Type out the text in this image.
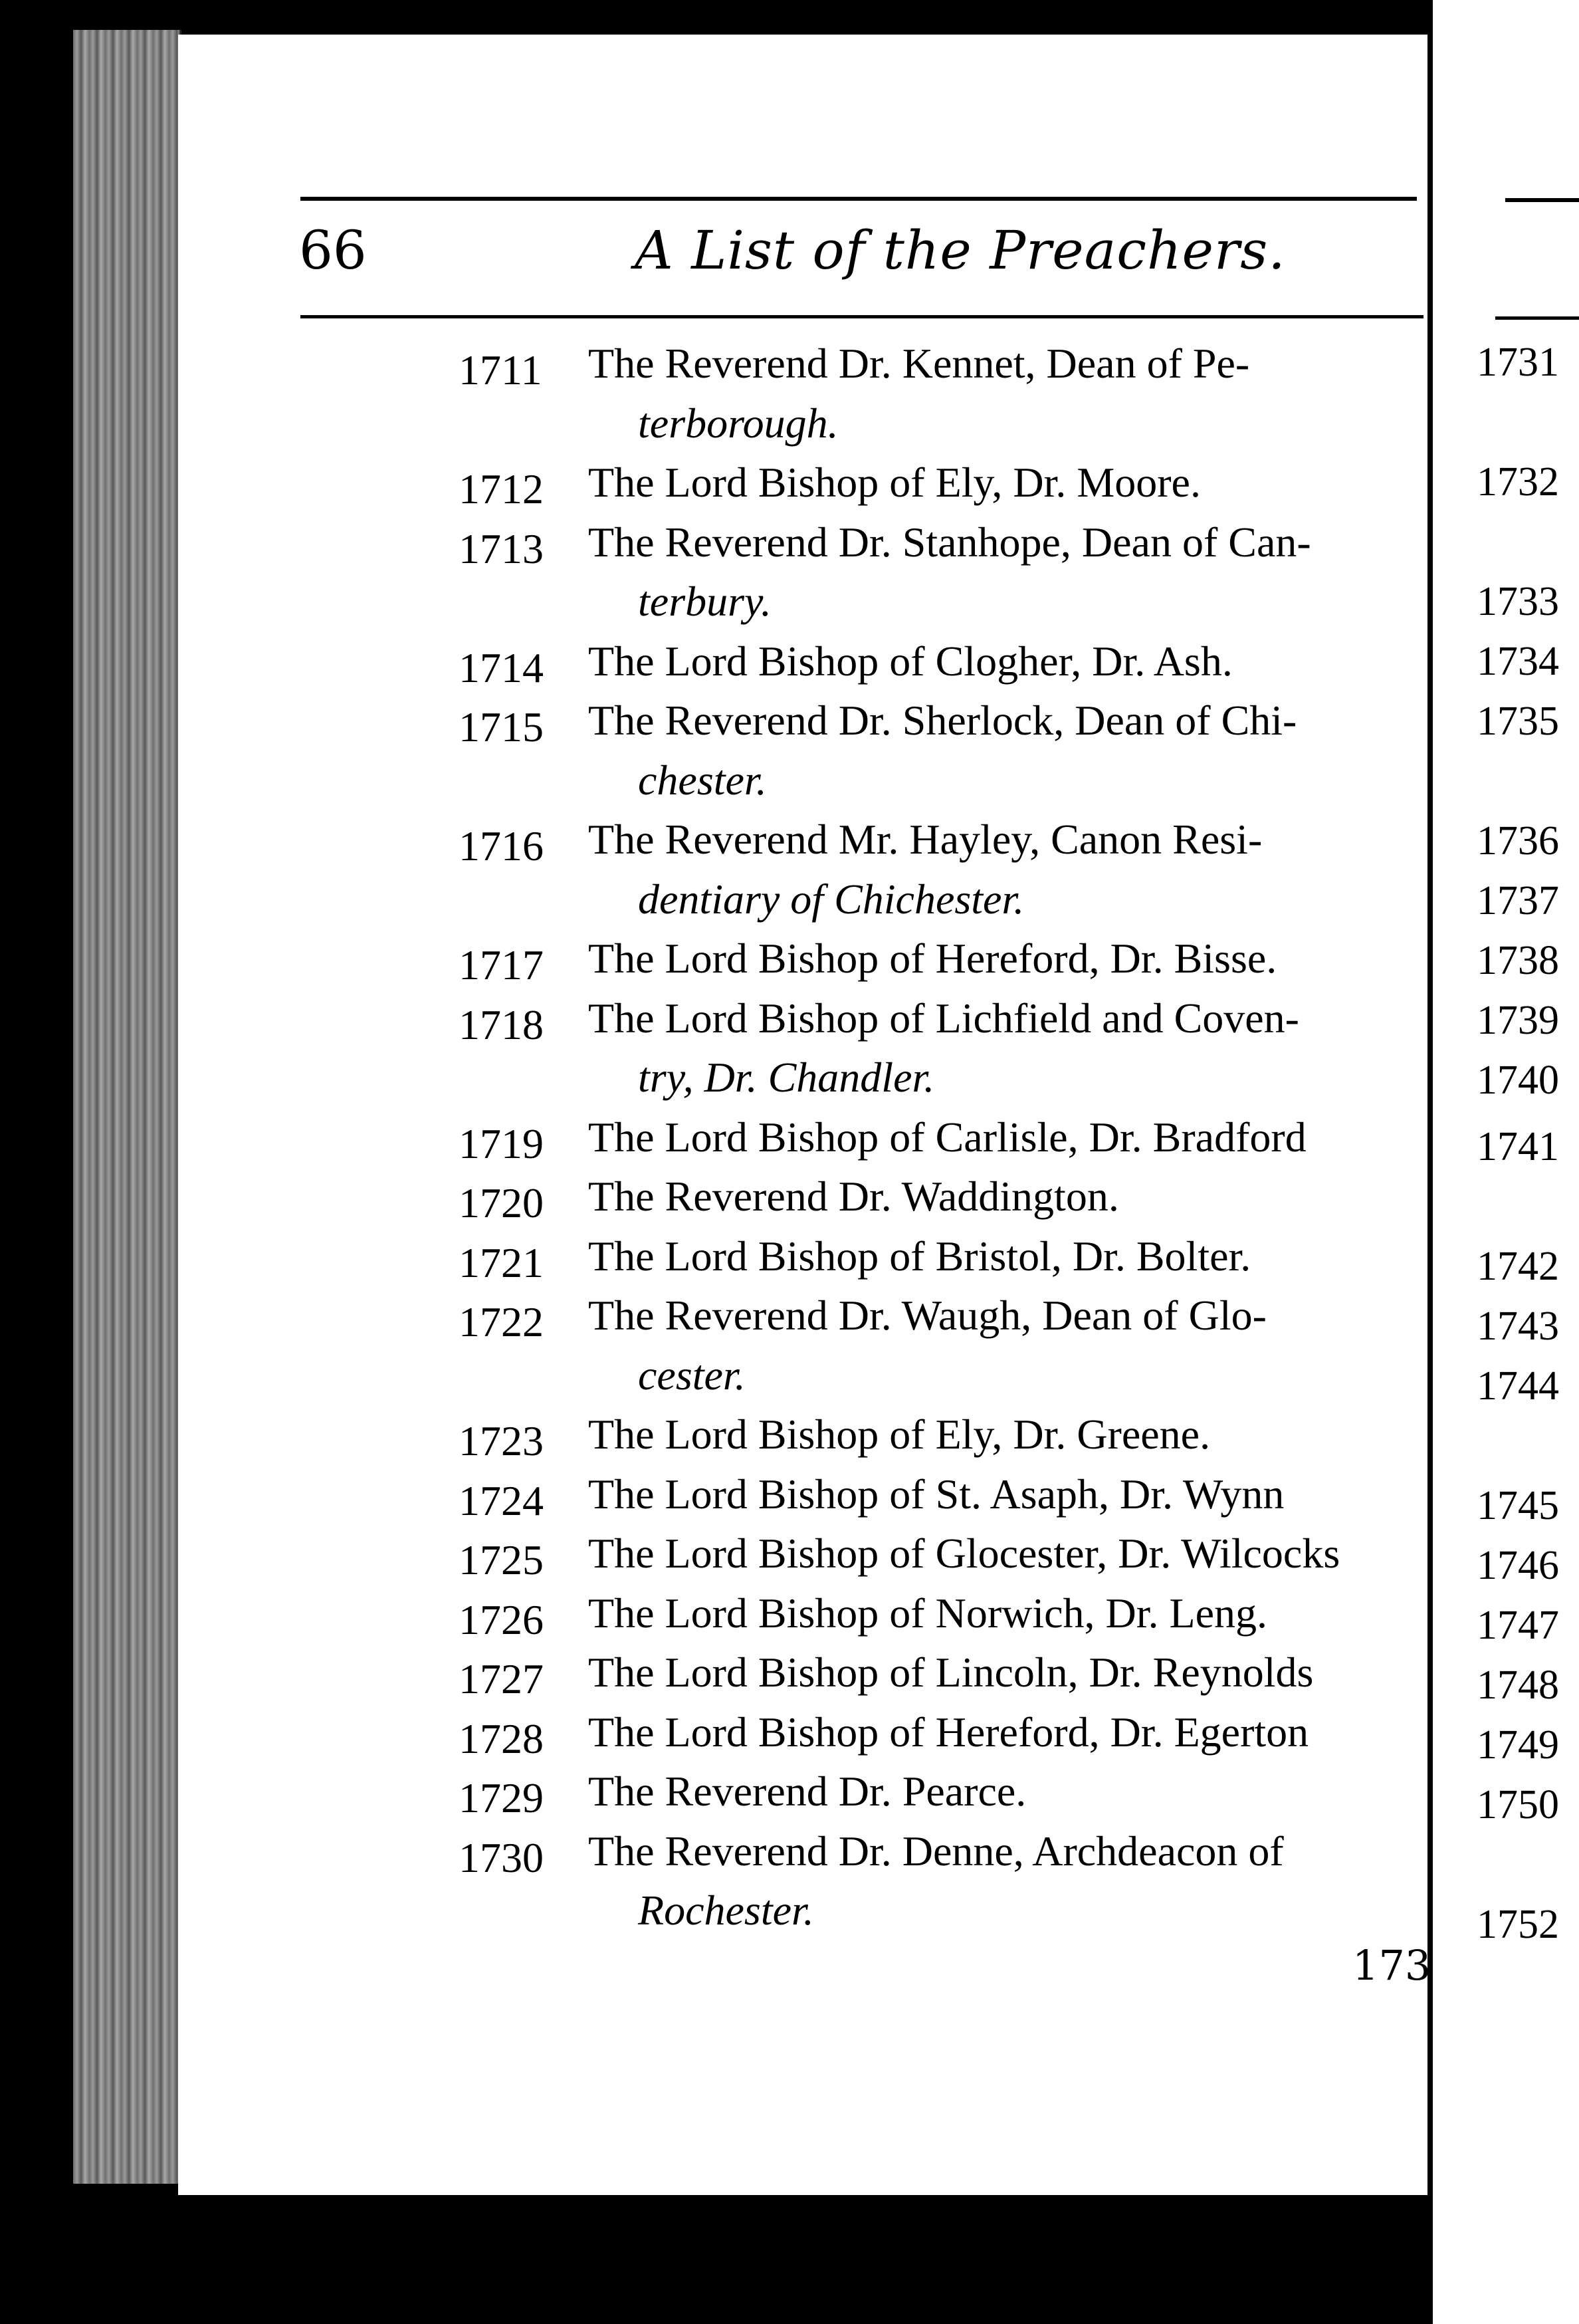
66	A List of the Preachers.
1711 The Reverend Dr. Kennet, Dean of Pe-
terborough.
1712 The Lord Bishop of Ely, Dr. Moore.
1713 The Reverend Dr. Stanhope, Dean of Can-
terbury.
1714 The Lord Bishop of Clogher, Dr. Ash.
1715 The Reverend Dr. Sherlock, Dean of Chi-
chester.
1716 The Reverend Mr. Hayley, Canon Resi-
dentiary of Chichester.
1717 The Lord Bishop of Hereford, Dr. Bisse.
1718 The Lord Bishop of Lichfield and Coven-
try, Dr. Chandler.
1719 The Lord Bishop of Carlisle, Dr. Bradford
1720 The Reverend Dr. Waddington.
1721 The Lord Bishop of Bristol, Dr. Bolter.
1722 The Reverend Dr. Waugh, Dean of Glo-
cester.
1723 The Lord Bishop of Ely, Dr. Greene.
1724 The Lord Bishop of St. Asaph, Dr. Wynn
1725 The Lord Bishop of Glocester, Dr. Wilcocks
1726 The Lord Bishop of Norwich, Dr. Leng.
1727 The Lord Bishop of Lincoln, Dr. Reynolds
1728 The Lord Bishop of Hereford, Dr. Egerton
1729 The Reverend Dr. Pearce.
1730 The Reverend Dr. Denne, Archdeacon of
Rochester.
1731
1732
1733
1734
1735
1736
1737
1738
1739
1740
1741
1742
1743
1744
1745
1746
1747
1748
1749
1750
1752
173
